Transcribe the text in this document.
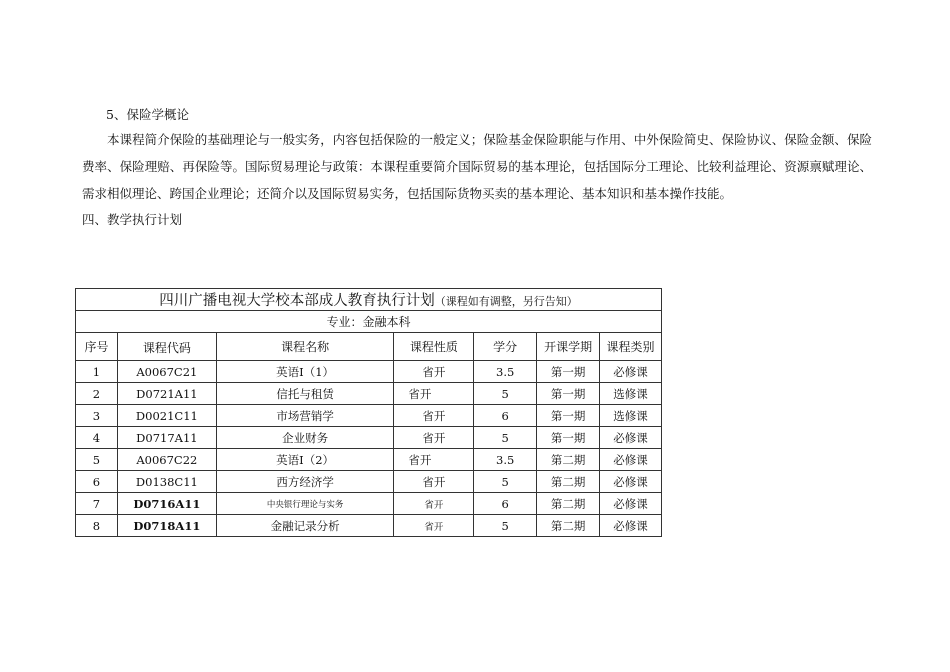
5、保险学概论

本课程简介保险的基础理论与一般实务，内容包括保险的一般定义；保险基金保险职能与作用、中外保险简史、保险协议、保险金额、保险费率、保险理赔、再保险等。国际贸易理论与政策：本课程重要简介国际贸易的基本理论，包括国际分工理论、比较利益理论、资源禀赋理论、需求相似理论、跨国企业理论；还简介以及国际贸易实务，包括国际货物买卖的基本理论、基本知识和基本操作技能。

四、教学执行计划

四川广播电视大学校本部成人教育执行计划（课程如有调整，另行告知）						
专业：金融本科						
序号	课程代码	课程名称	课程性质	学分	开课学期	课程类别
1	A0067C21	英语Ⅰ（1）	省开	3.5	第一期	必修课
2	D0721A11	信托与租赁	省开	5	第一期	选修课
3	D0021C11	市场营销学	省开	6	第一期	选修课
4	D0717A11	企业财务	省开	5	第一期	必修课
5	A0067C22	英语Ⅰ（2）	省开	3.5	第二期	必修课
6	D0138C11	西方经济学	省开	5	第二期	必修课
7	D0716A11	中央银行理论与实务	省开	6	第二期	必修课
8	D0718A11	金融记录分析	省开	5	第二期	必修课
